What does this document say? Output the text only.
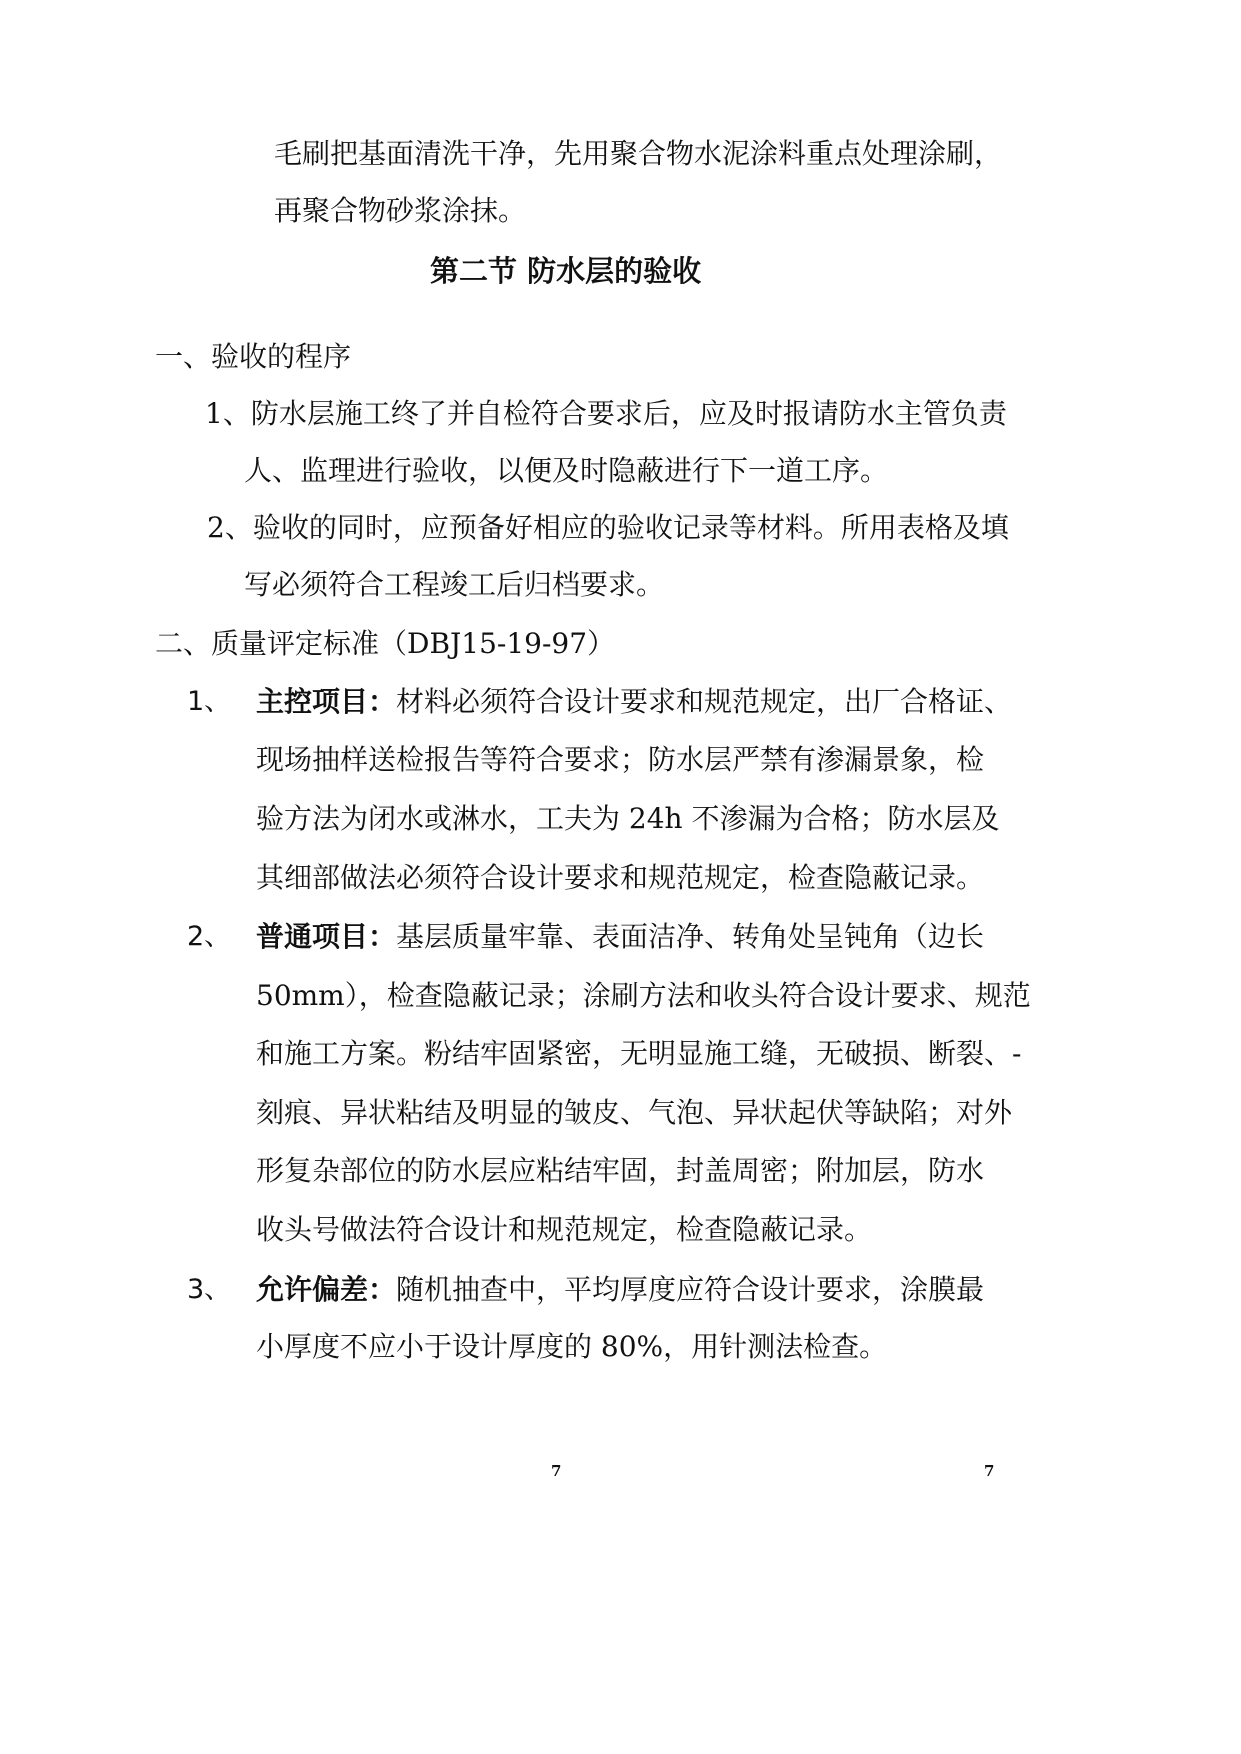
毛刷把基面清洗干净，先用聚合物水泥涂料重点处理涂刷，
再聚合物砂浆涂抹。
第二节 防水层的验收
一、验收的程序
1、防水层施工终了并自检符合要求后，应及时报请防水主管负责
人、监理进行验收，以便及时隐蔽进行下一道工序。
2、验收的同时，应预备好相应的验收记录等材料。所用表格及填
写必须符合工程竣工后归档要求。
二、质量评定标准（DBJ15-19-97）
1、 主控项目：材料必须符合设计要求和规范规定，出厂合格证、
现场抽样送检报告等符合要求；防水层严禁有渗漏景象，检
验方法为闭水或淋水，工夫为 24h 不渗漏为合格；防水层及
其细部做法必须符合设计要求和规范规定，检查隐蔽记录。
2、 普通项目：基层质量牢靠、表面洁净、转角处呈钝角（边长
50mm），检查隐蔽记录；涂刷方法和收头符合设计要求、规范
和施工方案。粉结牢固紧密，无明显施工缝，无破损、断裂、-
刻痕、异状粘结及明显的皱皮、气泡、异状起伏等缺陷；对外
形复杂部位的防水层应粘结牢固，封盖周密；附加层，防水
收头号做法符合设计和规范规定，检查隐蔽记录。
3、 允许偏差：随机抽查中，平均厚度应符合设计要求，涂膜最
小厚度不应小于设计厚度的 80%，用针测法检查。
7	7
